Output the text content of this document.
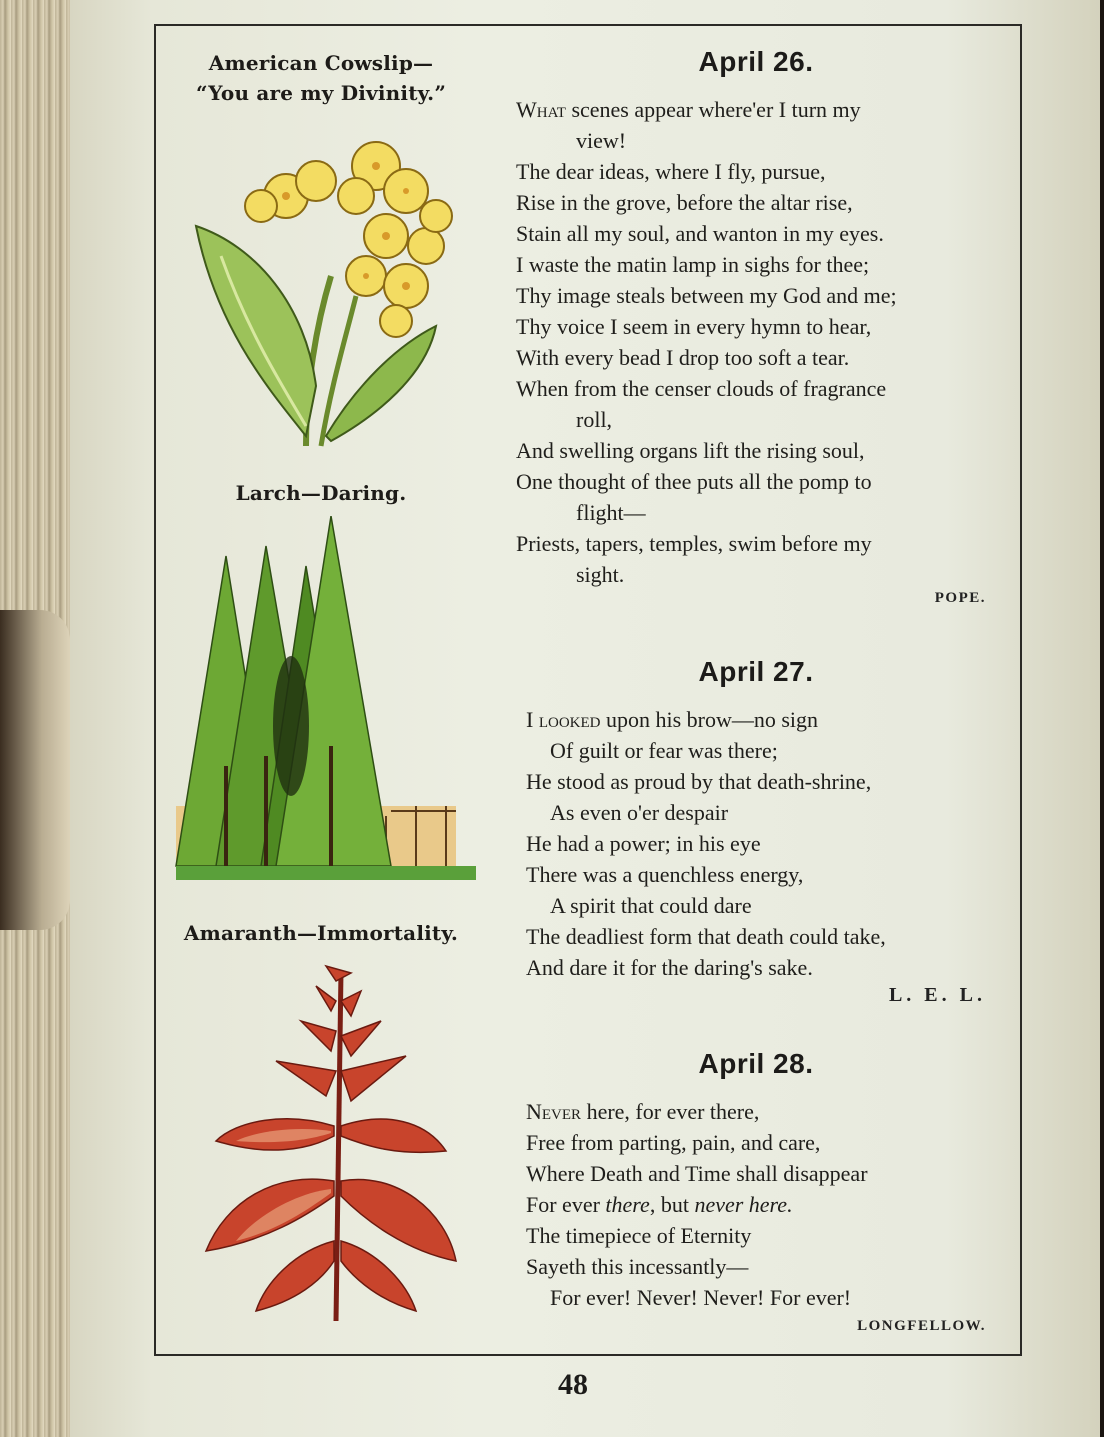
American Cowslip—
“You are my Divinity.”
Larch—Daring.
Amaranth—Immortality.
April 26.
What scenes appear where'er I turn my
view!
The dear ideas, where I fly, pursue,
Rise in the grove, before the altar rise,
Stain all my soul, and wanton in my eyes.
I waste the matin lamp in sighs for thee;
Thy image steals between my God and me;
Thy voice I seem in every hymn to hear,
With every bead I drop too soft a tear.
When from the censer clouds of fragrance
roll,
And swelling organs lift the rising soul,
One thought of thee puts all the pomp to
flight—
Priests, tapers, temples, swim before my
sight.
POPE.
April 27.
I looked upon his brow—no sign
Of guilt or fear was there;
He stood as proud by that death-shrine,
As even o'er despair
He had a power; in his eye
There was a quenchless energy,
A spirit that could dare
The deadliest form that death could take,
And dare it for the daring's sake.
L. E. L.
April 28.
Never here, for ever there,
Free from parting, pain, and care,
Where Death and Time shall disappear
For ever there, but never here.
The timepiece of Eternity
Sayeth this incessantly—
For ever! Never! Never! For ever!
LONGFELLOW.
48
